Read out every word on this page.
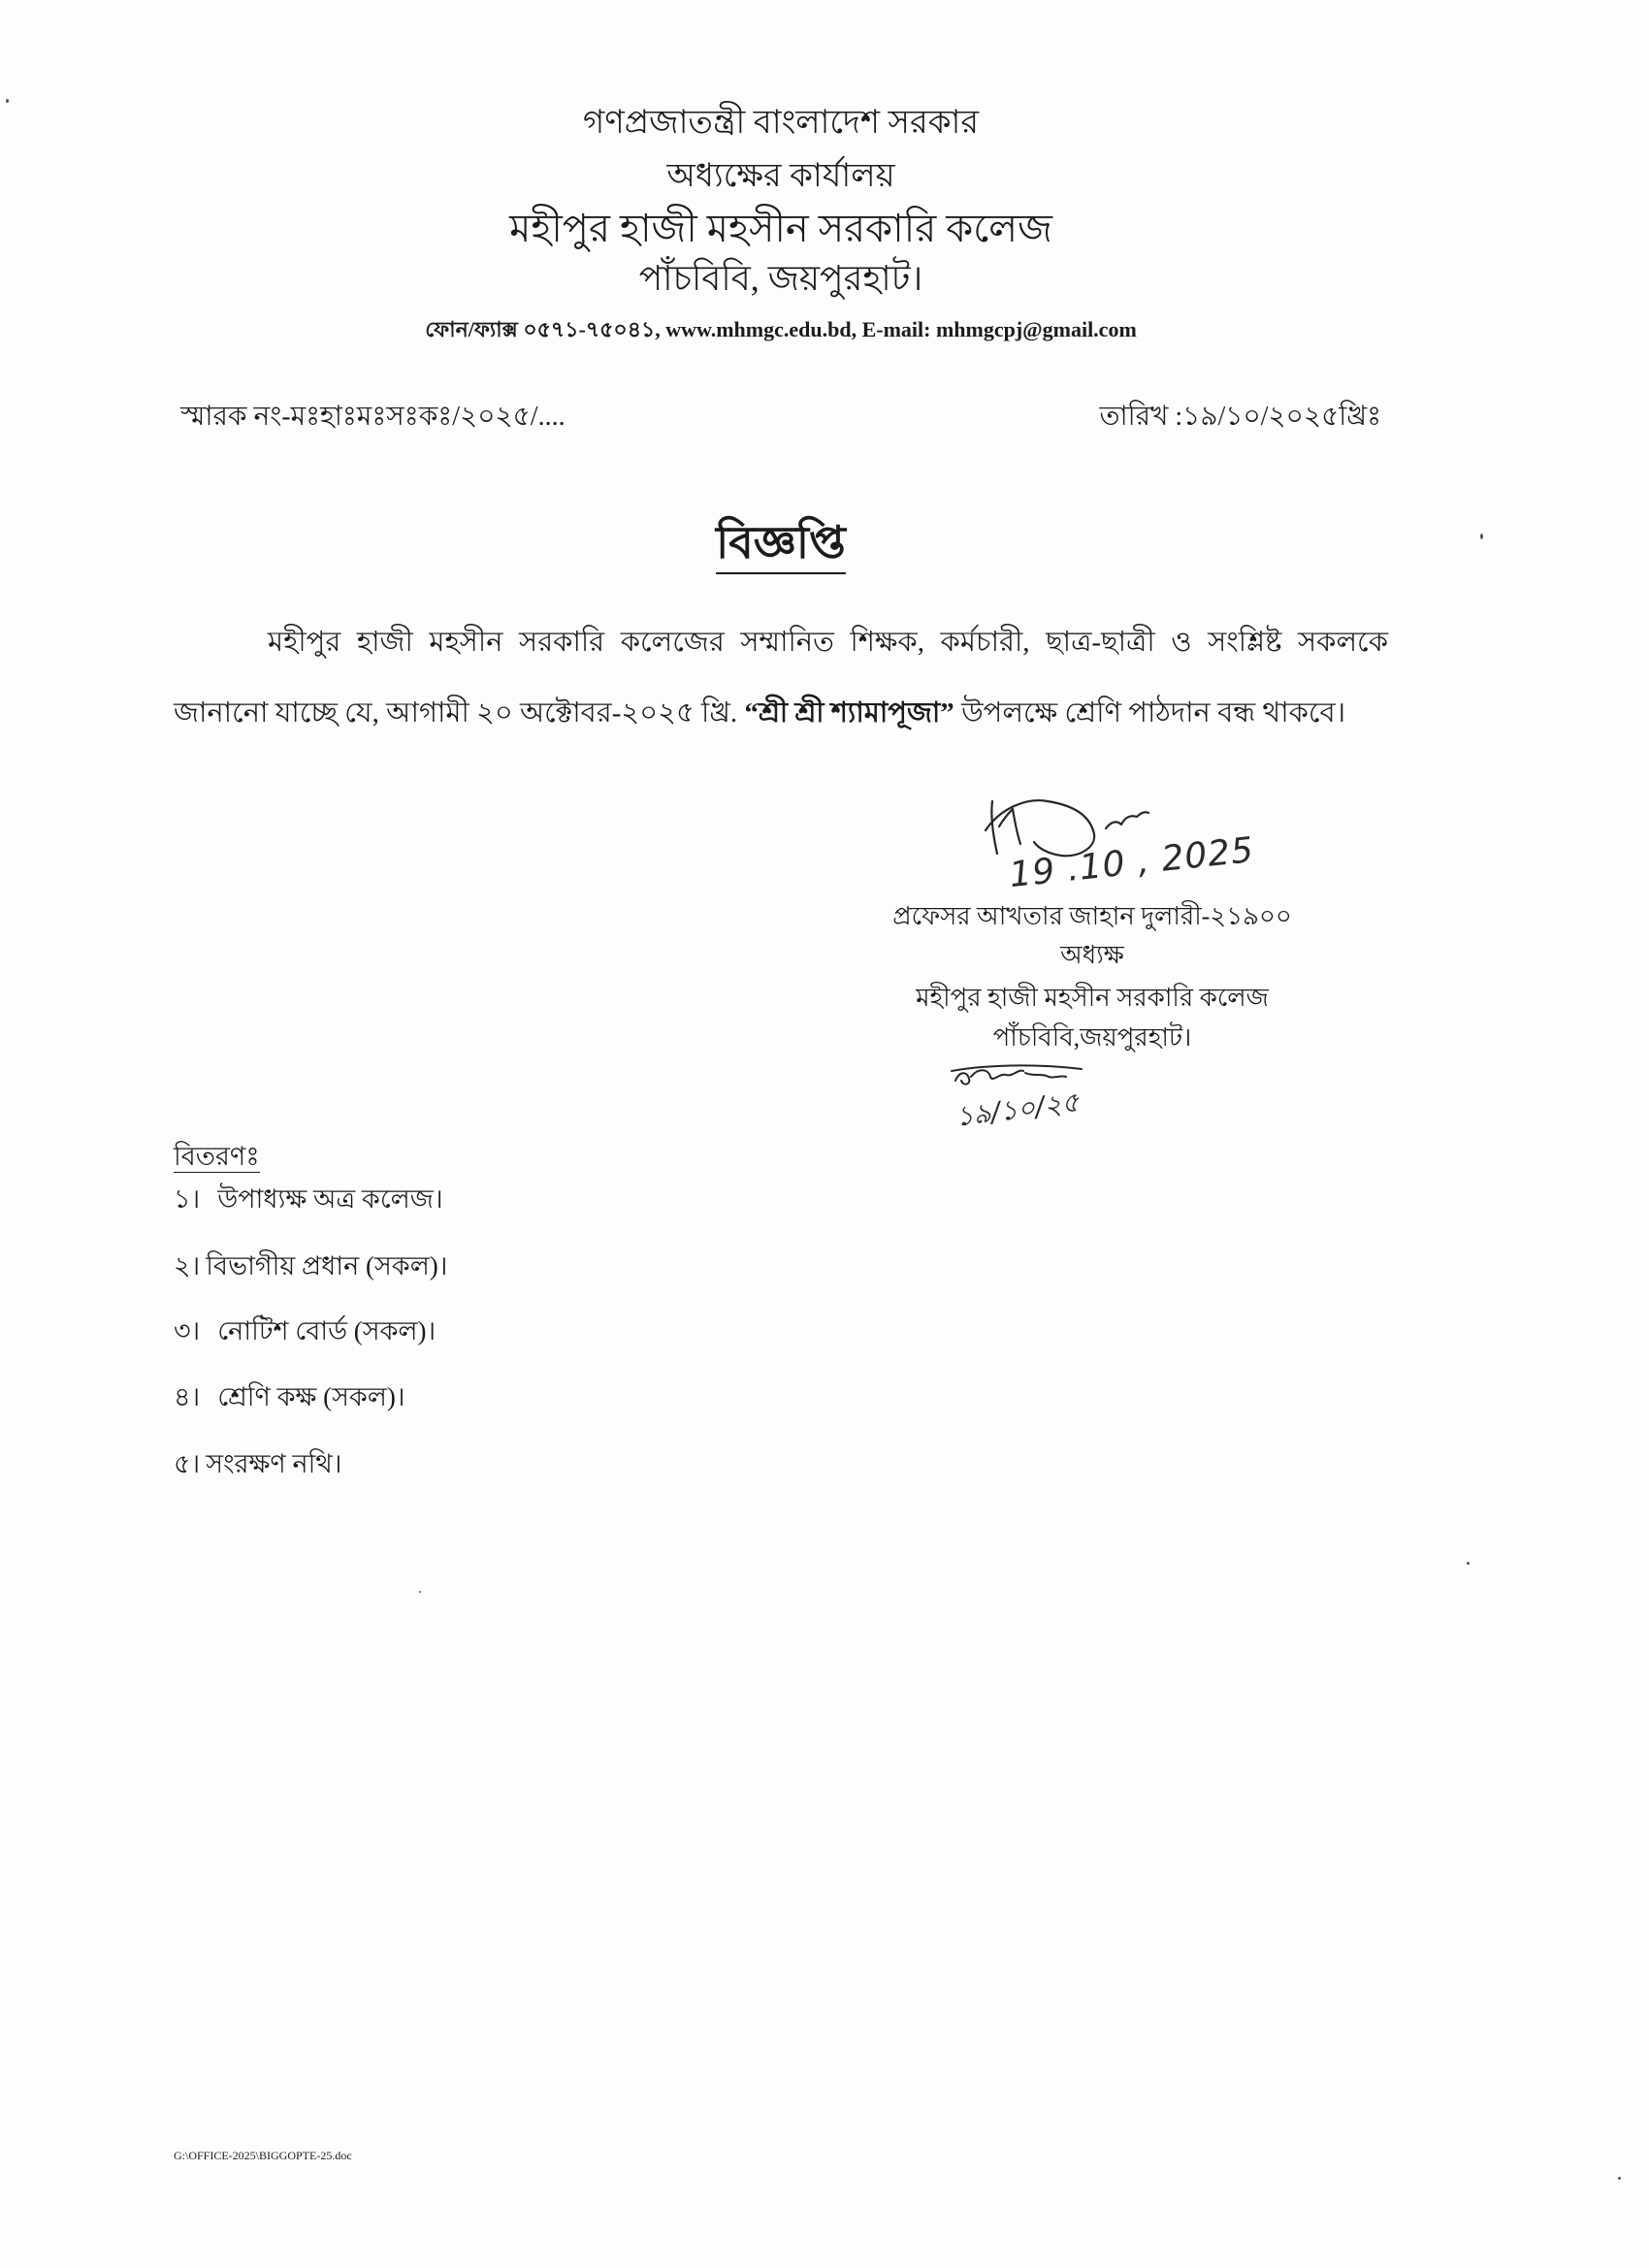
গণপ্রজাতন্ত্রী বাংলাদেশ সরকার
অধ্যক্ষের কার্যালয়
মহীপুর হাজী মহসীন সরকারি কলেজ
পাঁচবিবি, জয়পুরহাট।
ফোন/ফ্যাক্স ০৫৭১-৭৫০৪১, www.mhmgc.edu.bd, E-mail: mhmgcpj@gmail.com
স্মারক নং-মঃহাঃমঃসঃকঃ/২০২৫/....	তারিখ :১৯/১০/২০২৫খ্রিঃ
বিজ্ঞপ্তি

মহীপুর হাজী মহসীন সরকারি কলেজের সম্মানিত শিক্ষক, কর্মচারী, ছাত্র-ছাত্রী ও সংশ্লিষ্ট সকলকে জানানো যাচ্ছে যে, আগামী ২০ অক্টোবর-২০২৫ খ্রি. “শ্রী শ্রী শ্যামাপূজা” উপলক্ষে শ্রেণি পাঠদান বন্ধ থাকবে।

19 .10 , 2025
প্রফেসর আখতার জাহান দুলারী-২১৯০০
অধ্যক্ষ
মহীপুর হাজী মহসীন সরকারি কলেজ
পাঁচবিবি,জয়পুরহাট।
১৯/১০/২৫
বিতরণঃ
১। উপাধ্যক্ষ অত্র কলেজ।
২। বিভাগীয় প্রধান (সকল)।
৩। নোটিশ বোর্ড (সকল)।
৪। শ্রেণি কক্ষ (সকল)।
৫। সংরক্ষণ নথি।
G:\OFFICE-2025\BIGGOPTE-25.doc
